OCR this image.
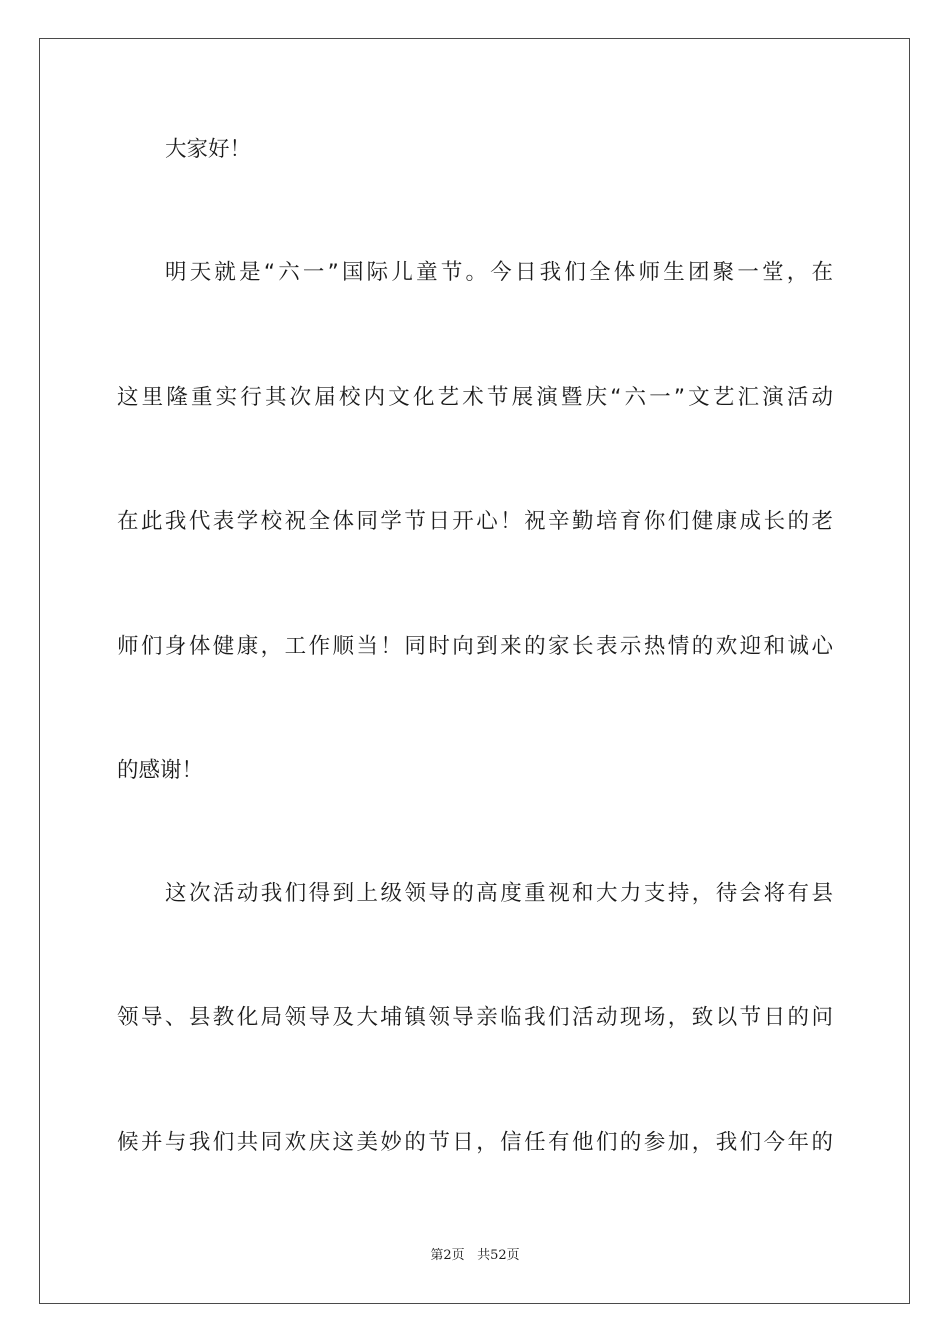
大家好！
明天就是“六一”国际儿童节。今日我们全体师生团聚一堂，在
这里隆重实行其次届校内文化艺术节展演暨庆“六一”文艺汇演活动
在此我代表学校祝全体同学节日开心！祝辛勤培育你们健康成长的老
师们身体健康，工作顺当！同时向到来的家长表示热情的欢迎和诚心
的感谢！
这次活动我们得到上级领导的高度重视和大力支持，待会将有县
领导、县教化局领导及大埔镇领导亲临我们活动现场，致以节日的问
候并与我们共同欢庆这美妙的节日，信任有他们的参加，我们今年的
第2页 共52页
